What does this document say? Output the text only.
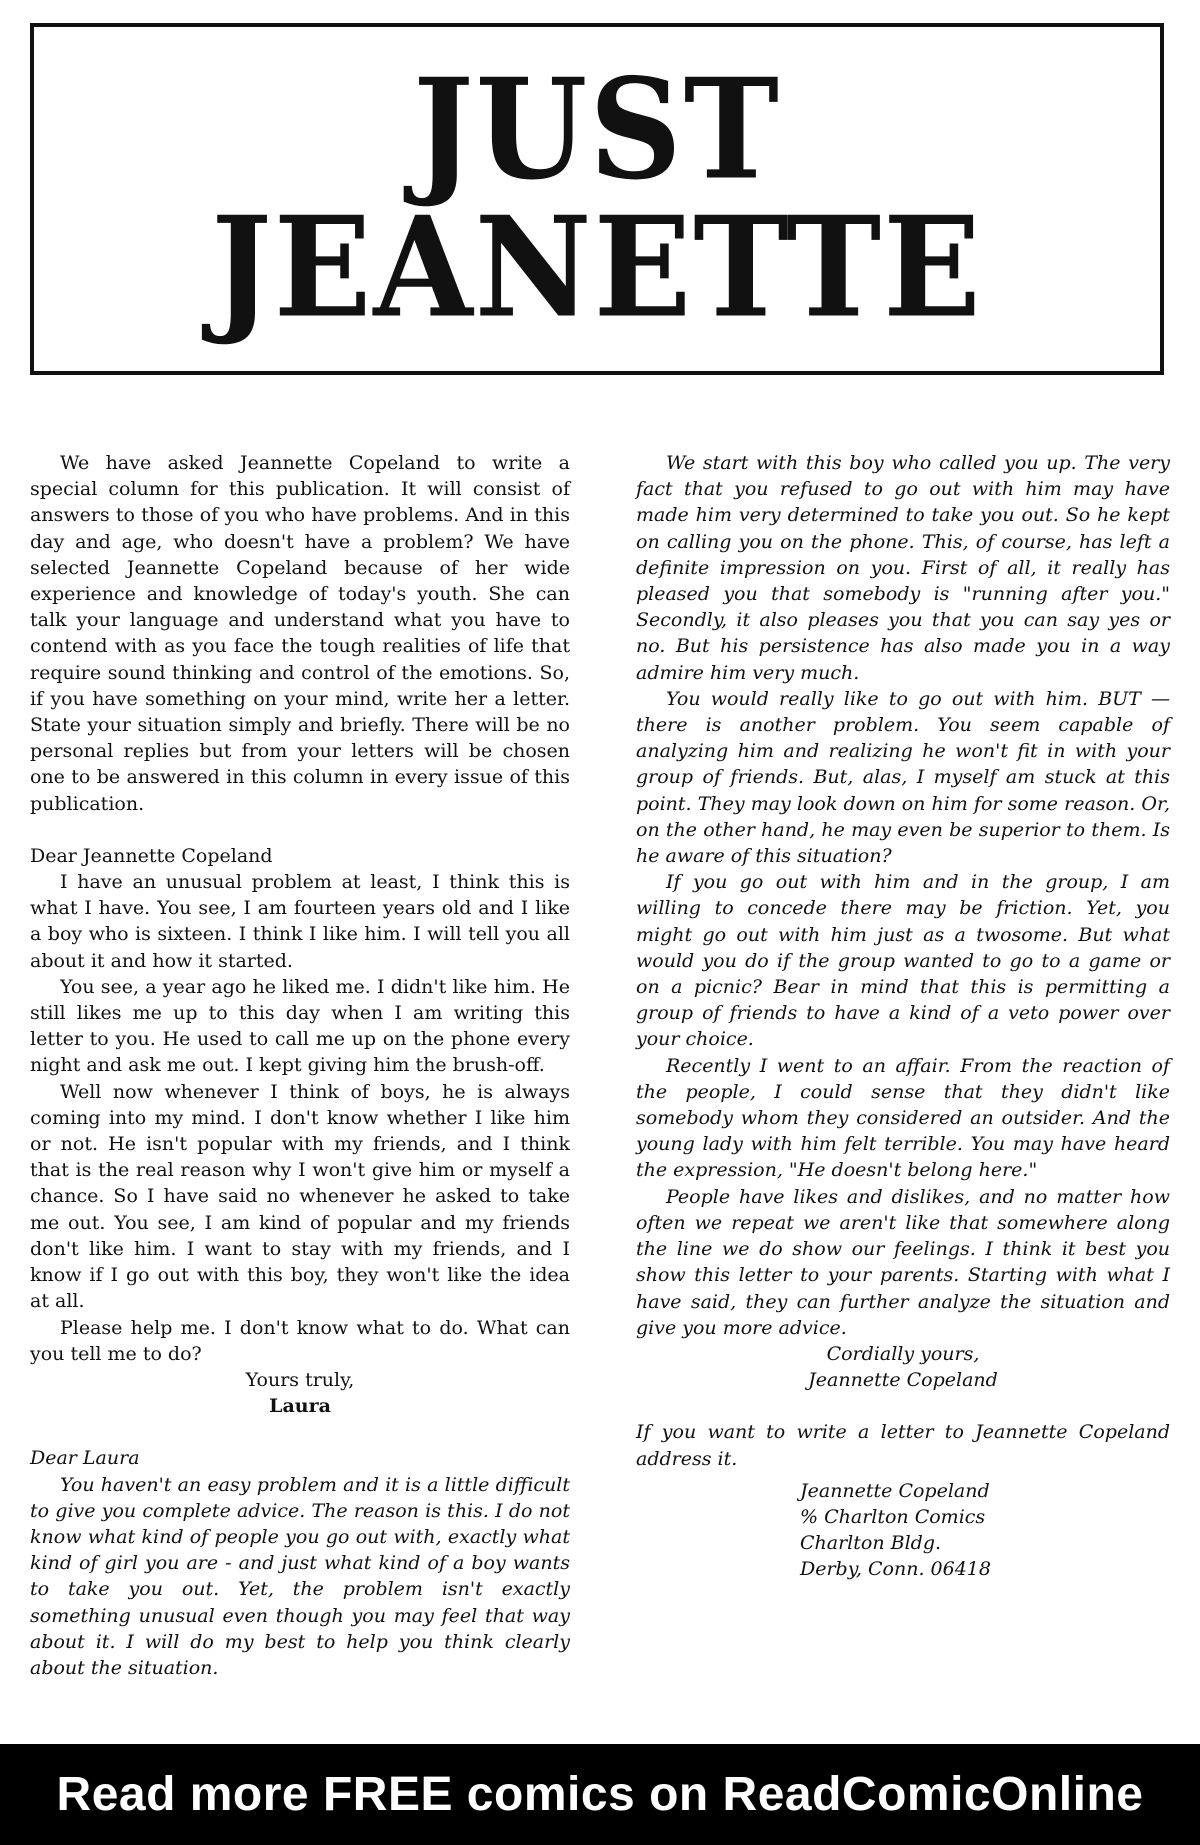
JUST
JEANETTE

We have asked Jeannette Copeland to write a special column for this publication. It will consist of answers to those of you who have problems. And in this day and age, who doesn't have a problem? We have selected Jeannette Copeland because of her wide experience and knowledge of today's youth. She can talk your language and understand what you have to contend with as you face the tough realities of life that require sound thinking and control of the emotions. So, if you have something on your mind, write her a letter. State your situation simply and briefly. There will be no personal replies but from your letters will be chosen one to be answered in this column in every issue of this publication.

Dear Jeannette Copeland

I have an unusual problem at least, I think this is what I have. You see, I am fourteen years old and I like a boy who is sixteen. I think I like him. I will tell you all about it and how it started.

You see, a year ago he liked me. I didn't like him. He still likes me up to this day when I am writing this letter to you. He used to call me up on the phone every night and ask me out. I kept giving him the brush-off.

Well now whenever I think of boys, he is always coming into my mind. I don't know whether I like him or not. He isn't popular with my friends, and I think that is the real reason why I won't give him or myself a chance. So I have said no whenever he asked to take me out. You see, I am kind of popular and my friends don't like him. I want to stay with my friends, and I know if I go out with this boy, they won't like the idea at all.

Please help me. I don't know what to do. What can you tell me to do?

Yours truly,

Laura

Dear Laura

You haven't an easy problem and it is a little difficult to give you complete advice. The reason is this. I do not know what kind of people you go out with, exactly what kind of girl you are - and just what kind of a boy wants to take you out. Yet, the problem isn't exactly something unusual even though you may feel that way about it. I will do my best to help you think clearly about the situation.

We start with this boy who called you up. The very fact that you refused to go out with him may have made him very determined to take you out. So he kept on calling you on the phone. This, of course, has left a definite impression on you. First of all, it really has pleased you that somebody is "running after you." Secondly, it also pleases you that you can say yes or no. But his persistence has also made you in a way admire him very much.

You would really like to go out with him. BUT — there is another problem. You seem capable of analyzing him and realizing he won't fit in with your group of friends. But, alas, I myself am stuck at this point. They may look down on him for some reason. Or, on the other hand, he may even be superior to them. Is he aware of this situation?

If you go out with him and in the group, I am willing to concede there may be friction. Yet, you might go out with him just as a twosome. But what would you do if the group wanted to go to a game or on a picnic? Bear in mind that this is permitting a group of friends to have a kind of a veto power over your choice.

Recently I went to an affair. From the reaction of the people, I could sense that they didn't like somebody whom they considered an outsider. And the young lady with him felt terrible. You may have heard the expression, "He doesn't belong here."

People have likes and dislikes, and no matter how often we repeat we aren't like that somewhere along the line we do show our feelings. I think it best you show this letter to your parents. Starting with what I have said, they can further analyze the situation and give you more advice.

Cordially yours,

Jeannette Copeland

If you want to write a letter to Jeannette Copeland address it.

Jeannette Copeland
% Charlton Comics
Charlton Bldg.
Derby, Conn. 06418
Read more FREE comics on ReadComicOnline
